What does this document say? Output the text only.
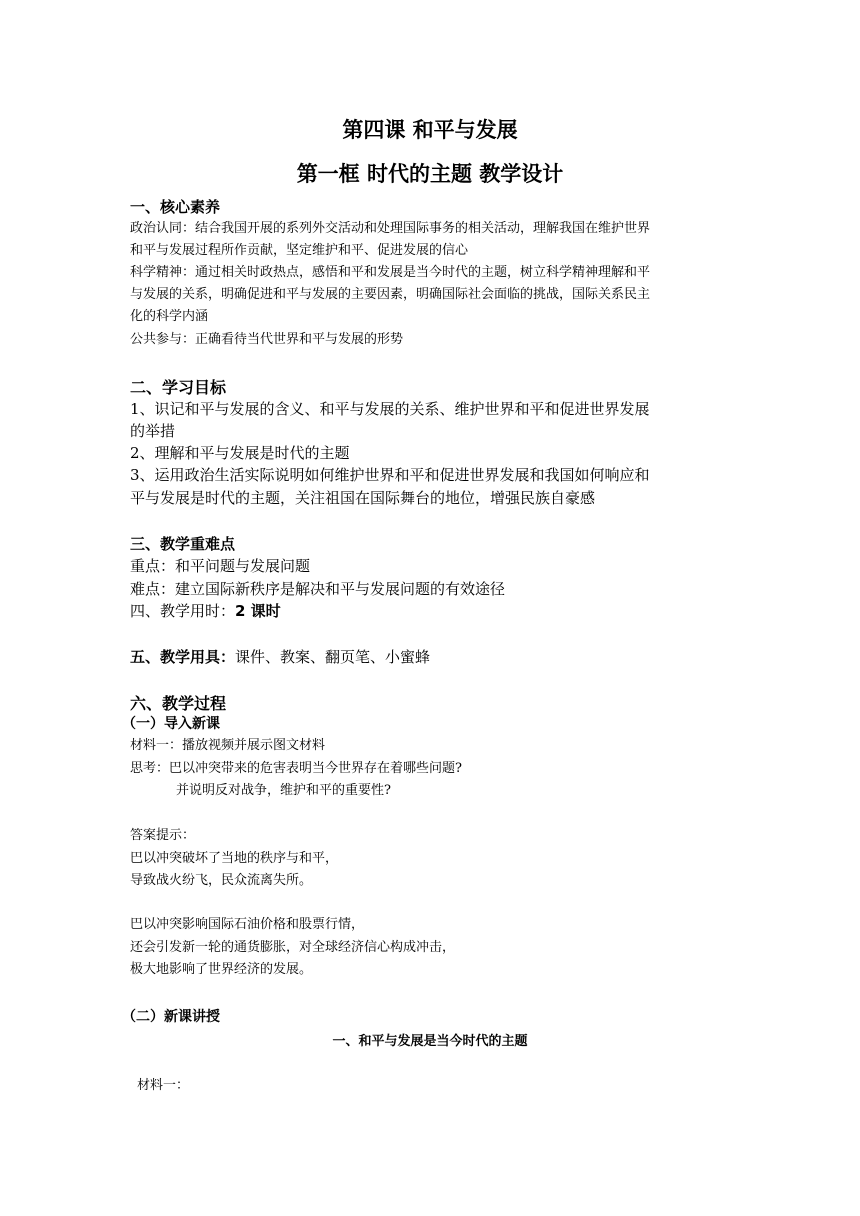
第四课 和平与发展
第一框 时代的主题 教学设计
一、核心素养
政治认同：结合我国开展的系列外交活动和处理国际事务的相关活动，理解我国在维护世界
和平与发展过程所作贡献，坚定维护和平、促进发展的信心
科学精神：通过相关时政热点，感悟和平和发展是当今时代的主题，树立科学精神理解和平
与发展的关系，明确促进和平与发展的主要因素，明确国际社会面临的挑战，国际关系民主
化的科学内涵
公共参与：正确看待当代世界和平与发展的形势
二、学习目标
1、识记和平与发展的含义、和平与发展的关系、维护世界和平和促进世界发展
的举措
2、理解和平与发展是时代的主题
3、运用政治生活实际说明如何维护世界和平和促进世界发展和我国如何响应和
平与发展是时代的主题，关注祖国在国际舞台的地位，增强民族自豪感
三、教学重难点
重点：和平问题与发展问题
难点：建立国际新秩序是解决和平与发展问题的有效途径
四、教学用时：2 课时
五、教学用具：课件、教案、翻页笔、小蜜蜂
六、教学过程
（一）导入新课
材料一：播放视频并展示图文材料
思考：巴以冲突带来的危害表明当今世界存在着哪些问题?
并说明反对战争，维护和平的重要性?
答案提示：
巴以冲突破坏了当地的秩序与和平，
导致战火纷飞，民众流离失所。
巴以冲突影响国际石油价格和股票行情，
还会引发新一轮的通货膨胀，对全球经济信心构成冲击，
极大地影响了世界经济的发展。
（二）新课讲授
一、和平与发展是当今时代的主题
材料一：
